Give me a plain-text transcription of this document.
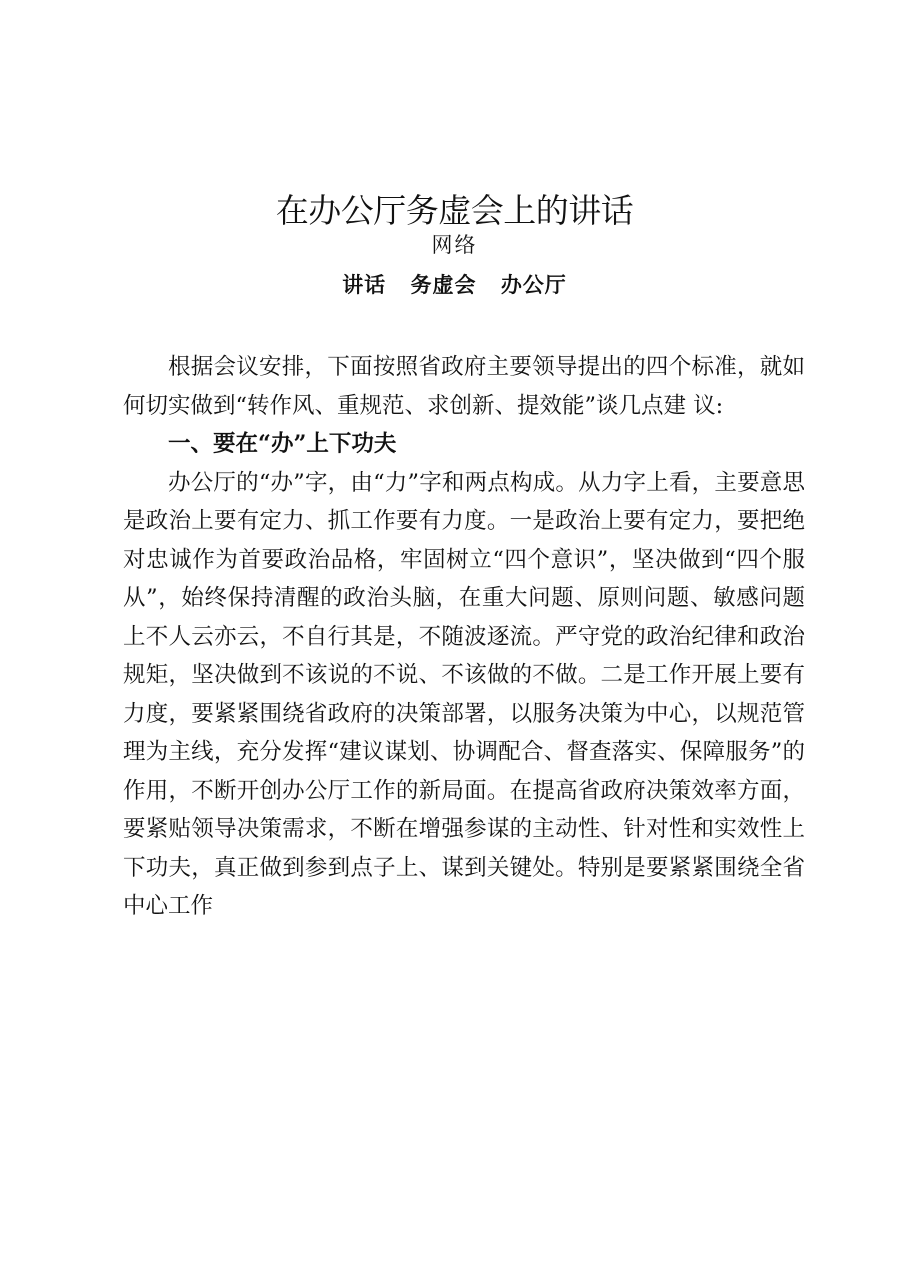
在办公厅务虚会上的讲话
网络
讲话 务虚会 办公厅

根据会议安排，下面按照省政府主要领导提出的四个标准，就如何切实做到“转作风、重规范、求创新、提效能”谈几点建 议:

一、要在“办”上下功夫

办公厅的“办”字，由“力”字和两点构成。从力字上看，主要意思是政治上要有定力、抓工作要有力度。一是政治上要有定力，要把绝对忠诚作为首要政治品格，牢固树立“四个意识”，坚决做到“四个服从”，始终保持清醒的政治头脑，在重大问题、原则问题、敏感问题上不人云亦云，不自行其是，不随波逐流。严守党的政治纪律和政治规矩，坚决做到不该说的不说、不该做的不做。二是工作开展上要有力度，要紧紧围绕省政府的决策部署，以服务决策为中心，以规范管理为主线，充分发挥“建议谋划、协调配合、督查落实、保障服务”的作用，不断开创办公厅工作的新局面。在提高省政府决策效率方面，要紧贴领导决策需求，不断在增强参谋的主动性、针对性和实效性上下功夫，真正做到参到点子上、谋到关键处。特别是要紧紧围绕全省中心工作
